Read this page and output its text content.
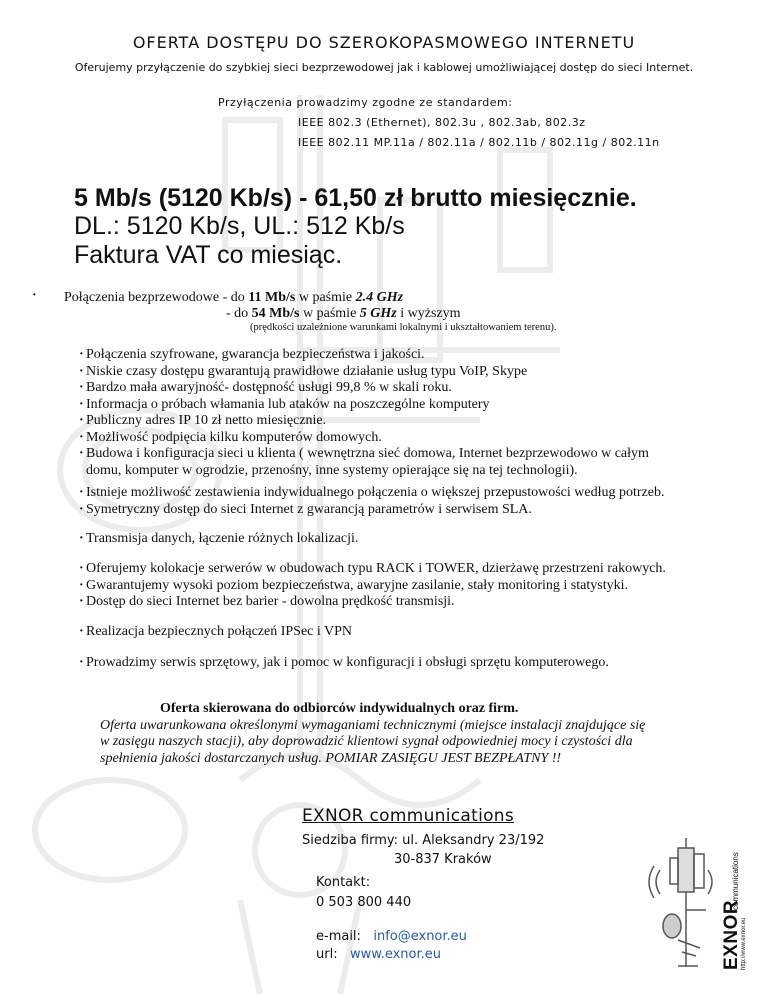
OFERTA DOSTĘPU DO SZEROKOPASMOWEGO INTERNETU
Oferujemy przyłączenie do szybkiej sieci bezprzewodowej jak i kablowej umożliwiającej dostęp do sieci Internet.
Przyłączenia prowadzimy zgodne ze standardem:
IEEE 802.3 (Ethernet), 802.3u , 802.3ab, 802.3z
IEEE 802.11 MP.11a / 802.11a / 802.11b / 802.11g / 802.11n
5 Mb/s (5120 Kb/s) - 61,50 zł brutto miesięcznie.
DL.: 5120 Kb/s, UL.: 512 Kb/s
Faktura VAT co miesiąc.
· Połączenia bezprzewodowe - do 11 Mb/s w paśmie 2.4 GHz
- do 54 Mb/s w paśmie 5 GHz i wyższym
(prędkości uzależnione warunkami lokalnymi i ukształtowaniem terenu).
· Połączenia szyfrowane, gwarancja bezpieczeństwa i jakości.
· Niskie czasy dostępu gwarantują prawidłowe działanie usług typu VoIP, Skype
· Bardzo mała awaryjność- dostępność usługi 99,8 % w skali roku.
· Informacja o próbach włamania lub ataków na poszczególne komputery
· Publiczny adres IP 10 zł netto miesięcznie.
· Możliwość podpięcia kilku komputerów domowych.
· Budowa i konfiguracja sieci u klienta ( wewnętrzna sieć domowa, Internet bezprzewodowo w całym
domu, komputer w ogrodzie, przenośny, inne systemy opierające się na tej technologii).
· Istnieje możliwość zestawienia indywidualnego połączenia o większej przepustowości według potrzeb.
· Symetryczny dostęp do sieci Internet z gwarancją parametrów i serwisem SLA.
· Transmisja danych, łączenie różnych lokalizacji.
· Oferujemy kolokacje serwerów w obudowach typu RACK i TOWER, dzierżawę przestrzeni rakowych.
· Gwarantujemy wysoki poziom bezpieczeństwa, awaryjne zasilanie, stały monitoring i statystyki.
· Dostęp do sieci Internet bez barier - dowolna prędkość transmisji.
· Realizacja bezpiecznych połączeń IPSec i VPN
· Prowadzimy serwis sprzętowy, jak i pomoc w konfiguracji i obsługi sprzętu komputerowego.
Oferta skierowana do odbiorców indywidualnych oraz firm.
Oferta uwarunkowana określonymi wymaganiami technicznymi (miejsce instalacji znajdujące się
w zasięgu naszych stacji), aby doprowadzić klientowi sygnał odpowiedniej mocy i czystości dla
spełnienia jakości dostarczanych usług. POMIAR ZASIĘGU JEST BEZPŁATNY !!
EXNOR communications
Siedziba firmy: ul. Aleksandry 23/192
30-837 Kraków
Kontakt:
0 503 800 440
e-mail: info@exnor.eu
url: www.exnor.eu	EXNOR
communications
http://www.exnor.eu
